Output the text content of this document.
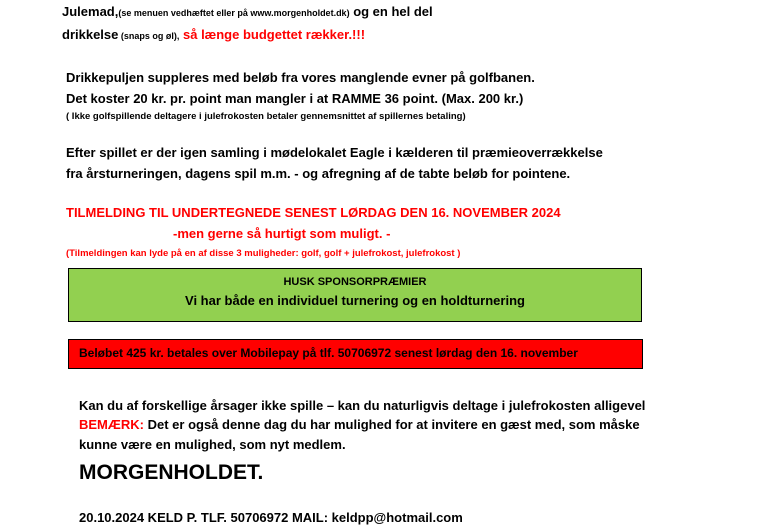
Julemad,(se menuen vedhæftet eller på www.morgenholdet.dk) og en hel del
drikkelse (snaps og øl), så længe budgettet rækker.!!!
Drikkepuljen suppleres med beløb fra vores manglende evner på golfbanen.
Det koster 20 kr. pr. point man mangler i at RAMME 36 point. (Max. 200 kr.)
( Ikke golfspillende deltagere i julefrokosten betaler gennemsnittet af spillernes betaling)
Efter spillet er der igen samling i mødelokalet Eagle i kælderen til præmieoverrækkelse
fra årsturneringen, dagens spil m.m. - og afregning af de tabte beløb for pointene.
TILMELDING TIL UNDERTEGNEDE SENEST LØRDAG DEN 16. NOVEMBER 2024
-men gerne så hurtigt som muligt. -
(Tilmeldingen kan lyde på en af disse 3 muligheder: golf, golf + julefrokost, julefrokost )
HUSK SPONSORPRÆMIER
Vi har både en individuel turnering og en holdturnering
Beløbet 425 kr. betales over Mobilepay på tlf. 50706972 senest lørdag den 16. november
Kan du af forskellige årsager ikke spille – kan du naturligvis deltage i julefrokosten alligevel
BEMÆRK: Det er også denne dag du har mulighed for at invitere en gæst med, som måske
kunne være en mulighed, som nyt medlem.
MORGENHOLDET.
20.10.2024 KELD P. TLF. 50706972 MAIL: keldpp@hotmail.com
